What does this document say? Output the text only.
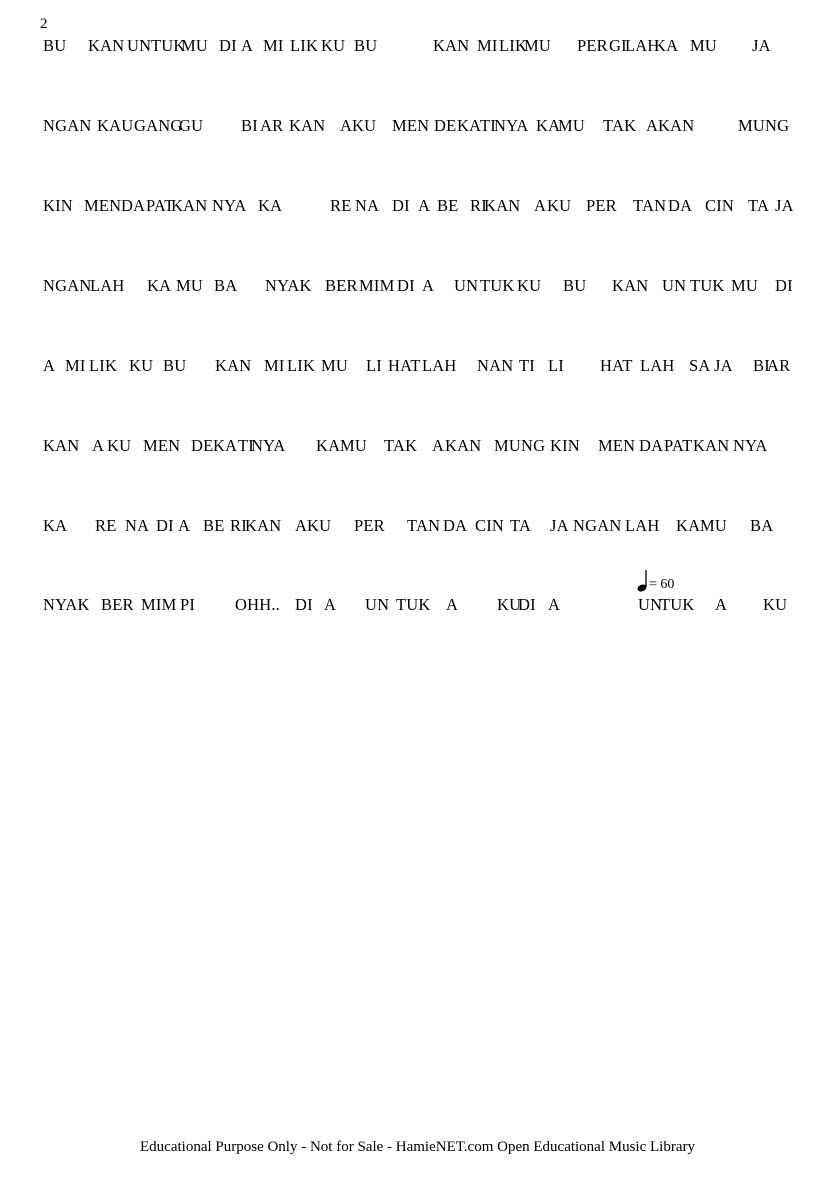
2
BU KAN UN TUK
MU DI A MI LIK KU BU	KAN MI LIK
MU PER GI
LAH
KA MU JA
NGAN KAU GANG
GU BI AR KAN A KU MEN DE KA
TI
NYA KA
MU TAK A KAN	MUNG
KIN MEN DA PAT
KAN NYA KA	RE NA DI A BE RI
KAN A KU PER TAN DA CIN TA JA
NGAN
LAH KA MU BA NYAK BER MIM DI A UN TUK KU BU KAN UN TUK MU DI
A MI LIK KU BU KAN MI LIK MU LI HAT LAH NAN TI LI HAT LAH SA JA BI
AR
KAN A KU MEN DE KA TI
NYA KA MU TAK A KAN MUNG KIN MEN DA PAT KAN NYA
KA RE NA DI A BE RI
KAN A KU PER TAN DA CIN TA JA NGAN LAH KA MU BA
NYAK BER MIM PI OHH.. DI A UN TUK A KU
DI A	UN
TUK A KU
= 60
Educational Purpose Only - Not for Sale - HamieNET.com Open Educational Music Library
